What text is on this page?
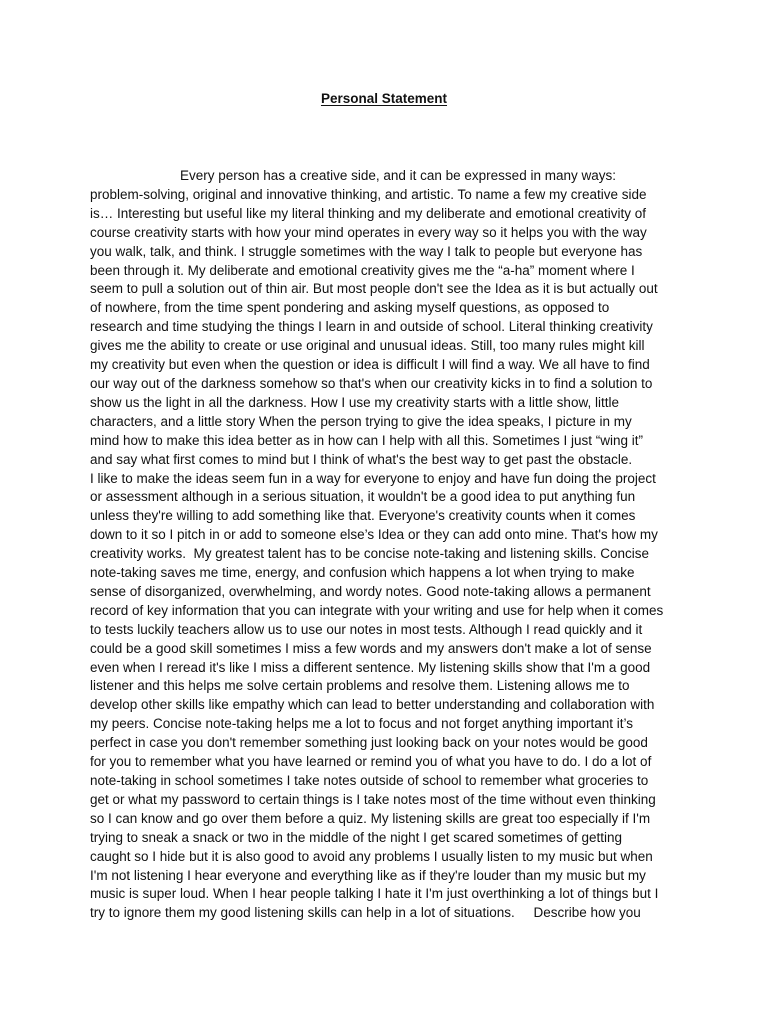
Personal Statement
Every person has a creative side, and it can be expressed in many ways:
problem-solving, original and innovative thinking, and artistic. To name a few my creative side
is… Interesting but useful like my literal thinking and my deliberate and emotional creativity of
course creativity starts with how your mind operates in every way so it helps you with the way
you walk, talk, and think. I struggle sometimes with the way I talk to people but everyone has
been through it. My deliberate and emotional creativity gives me the “a-ha” moment where I
seem to pull a solution out of thin air. But most people don't see the Idea as it is but actually out
of nowhere, from the time spent pondering and asking myself questions, as opposed to
research and time studying the things I learn in and outside of school. Literal thinking creativity
gives me the ability to create or use original and unusual ideas. Still, too many rules might kill
my creativity but even when the question or idea is difficult I will find a way. We all have to find
our way out of the darkness somehow so that's when our creativity kicks in to find a solution to
show us the light in all the darkness. How I use my creativity starts with a little show, little
characters, and a little story When the person trying to give the idea speaks, I picture in my
mind how to make this idea better as in how can I help with all this. Sometimes I just “wing it”
and say what first comes to mind but I think of what's the best way to get past the obstacle.
I like to make the ideas seem fun in a way for everyone to enjoy and have fun doing the project
or assessment although in a serious situation, it wouldn't be a good idea to put anything fun
unless they're willing to add something like that. Everyone's creativity counts when it comes
down to it so I pitch in or add to someone else’s Idea or they can add onto mine. That's how my
creativity works.  My greatest talent has to be concise note-taking and listening skills. Concise
note-taking saves me time, energy, and confusion which happens a lot when trying to make
sense of disorganized, overwhelming, and wordy notes. Good note-taking allows a permanent
record of key information that you can integrate with your writing and use for help when it comes
to tests luckily teachers allow us to use our notes in most tests. Although I read quickly and it
could be a good skill sometimes I miss a few words and my answers don't make a lot of sense
even when I reread it's like I miss a different sentence. My listening skills show that I'm a good
listener and this helps me solve certain problems and resolve them. Listening allows me to
develop other skills like empathy which can lead to better understanding and collaboration with
my peers. Concise note-taking helps me a lot to focus and not forget anything important it’s
perfect in case you don't remember something just looking back on your notes would be good
for you to remember what you have learned or remind you of what you have to do. I do a lot of
note-taking in school sometimes I take notes outside of school to remember what groceries to
get or what my password to certain things is I take notes most of the time without even thinking
so I can know and go over them before a quiz. My listening skills are great too especially if I'm
trying to sneak a snack or two in the middle of the night I get scared sometimes of getting
caught so I hide but it is also good to avoid any problems I usually listen to my music but when
I'm not listening I hear everyone and everything like as if they're louder than my music but my
music is super loud. When I hear people talking I hate it I'm just overthinking a lot of things but I
try to ignore them my good listening skills can help in a lot of situations.     Describe how you
